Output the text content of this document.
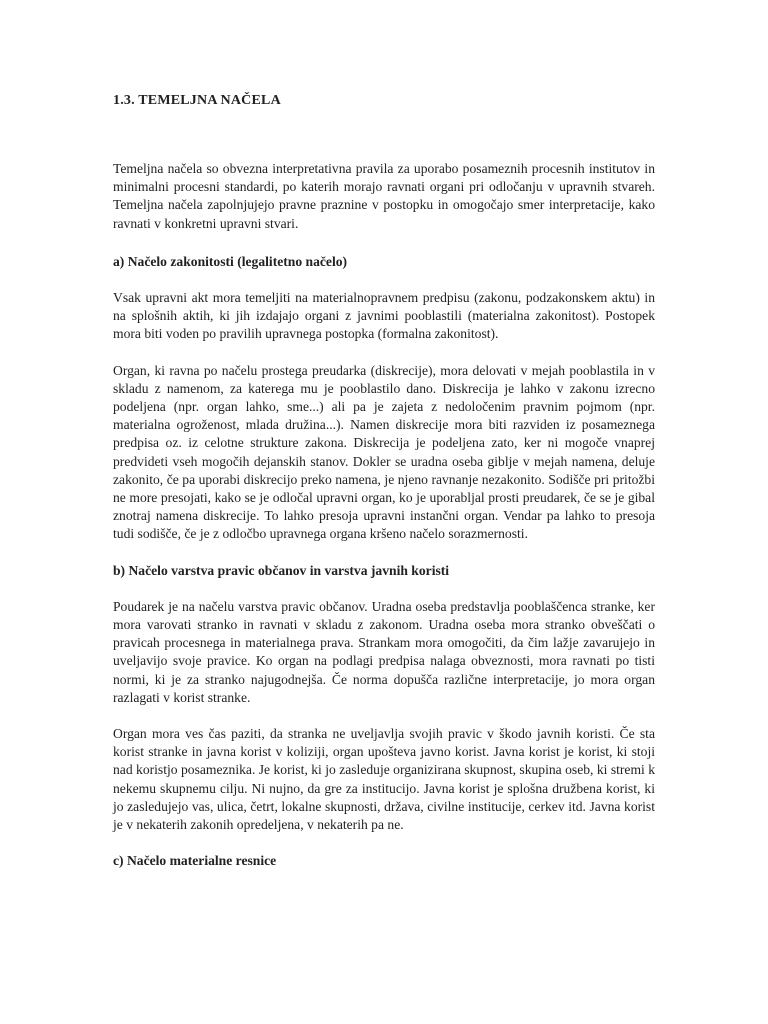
1.3. TEMELJNA NAČELA

Temeljna načela so obvezna interpretativna pravila za uporabo posameznih procesnih institutov in minimalni procesni standardi, po katerih morajo ravnati organi pri odločanju v upravnih stvareh. Temeljna načela zapolnjujejo pravne praznine v postopku in omogočajo smer interpretacije, kako ravnati v konkretni upravni stvari.

a) Načelo zakonitosti (legalitetno načelo)

Vsak upravni akt mora temeljiti na materialnopravnem predpisu (zakonu, podzakonskem aktu) in na splošnih aktih, ki jih izdajajo organi z javnimi pooblastili (materialna zakonitost). Postopek mora biti voden po pravilih upravnega postopka (formalna zakonitost).

Organ, ki ravna po načelu prostega preudarka (diskrecije), mora delovati v mejah pooblastila in v skladu z namenom, za katerega mu je pooblastilo dano. Diskrecija je lahko v zakonu izrecno podeljena (npr. organ lahko, sme...) ali pa je zajeta z nedoločenim pravnim pojmom (npr. materialna ogroženost, mlada družina...). Namen diskrecije mora biti razviden iz posameznega predpisa oz. iz celotne strukture zakona. Diskrecija je podeljena zato, ker ni mogoče vnaprej predvideti vseh mogočih dejanskih stanov. Dokler se uradna oseba giblje v mejah namena, deluje zakonito, če pa uporabi diskrecijo preko namena, je njeno ravnanje nezakonito. Sodišče pri pritožbi ne more presojati, kako se je odločal upravni organ, ko je uporabljal prosti preudarek, če se je gibal znotraj namena diskrecije. To lahko presoja upravni instančni organ. Vendar pa lahko to presoja tudi sodišče, če je z odločbo upravnega organa kršeno načelo sorazmernosti.

b) Načelo varstva pravic občanov in varstva javnih koristi

Poudarek je na načelu varstva pravic občanov. Uradna oseba predstavlja pooblaščenca stranke, ker mora varovati stranko in ravnati v skladu z zakonom. Uradna oseba mora stranko obveščati o pravicah procesnega in materialnega prava. Strankam mora omogočiti, da čim lažje zavarujejo in uveljavijo svoje pravice. Ko organ na podlagi predpisa nalaga obveznosti, mora ravnati po tisti normi, ki je za stranko najugodnejša. Če norma dopušča različne interpretacije, jo mora organ razlagati v korist stranke.

Organ mora ves čas paziti, da stranka ne uveljavlja svojih pravic v škodo javnih koristi. Če sta korist stranke in javna korist v koliziji, organ upošteva javno korist. Javna korist je korist, ki stoji nad koristjo posameznika. Je korist, ki jo zasleduje organizirana skupnost, skupina oseb, ki stremi k nekemu skupnemu cilju. Ni nujno, da gre za institucijo. Javna korist je splošna družbena korist, ki jo zasledujejo vas, ulica, četrt, lokalne skupnosti, država, civilne institucije, cerkev itd. Javna korist je v nekaterih zakonih opredeljena, v nekaterih pa ne.

c) Načelo materialne resnice
